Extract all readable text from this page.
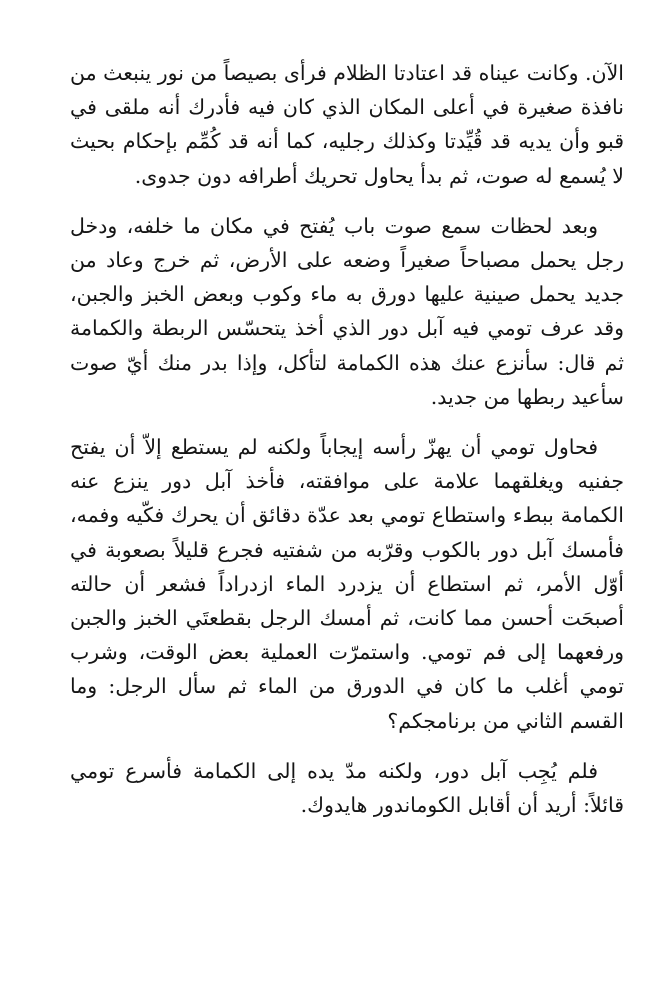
الآن. وكانت عيناه قد اعتادتا الظلام فرأى بصيصاً من نور ينبعث من نافذة صغيرة في أعلى المكان الذي كان فيه فأدرك أنه ملقى في قبو وأن يديه قد قُيِّدتا وكذلك رجليه، كما أنه قد كُمِّم بإحكام بحيث لا يُسمع له صوت، ثم بدأ يحاول تحريك أطرافه دون جدوى.

وبعد لحظات سمع صوت باب يُفتح في مكان ما خلفه، ودخل رجل يحمل مصباحاً صغيراً وضعه على الأرض، ثم خرج وعاد من جديد يحمل صينية عليها دورق به ماء وكوب وبعض الخبز والجبن، وقد عرف تومي فيه آبل دور الذي أخذ يتحسّس الربطة والكمامة ثم قال: سأنزع عنك هذه الكمامة لتأكل، وإذا بدر منك أيّ صوت سأعيد ربطها من جديد.

فحاول تومي أن يهزّ رأسه إيجاباً ولكنه لم يستطع إلاّ أن يفتح جفنيه ويغلقهما علامة على موافقته، فأخذ آبل دور ينزع عنه الكمامة ببطء واستطاع تومي بعد عدّة دقائق أن يحرك فكّيه وفمه، فأمسك آبل دور بالكوب وقرّبه من شفتيه فجرع قليلاً بصعوبة في أوّل الأمر، ثم استطاع أن يزدرد الماء ازدراداً فشعر أن حالته أصبحَت أحسن مما كانت، ثم أمسك الرجل بقطعتَي الخبز والجبن ورفعهما إلى فم تومي. واستمرّت العملية بعض الوقت، وشرب تومي أغلب ما كان في الدورق من الماء ثم سأل الرجل: وما القسم الثاني من برنامجكم؟

فلم يُجِب آبل دور، ولكنه مدّ يده إلى الكمامة فأسرع تومي قائلاً: أريد أن أقابل الكوماندور هايدوك.
